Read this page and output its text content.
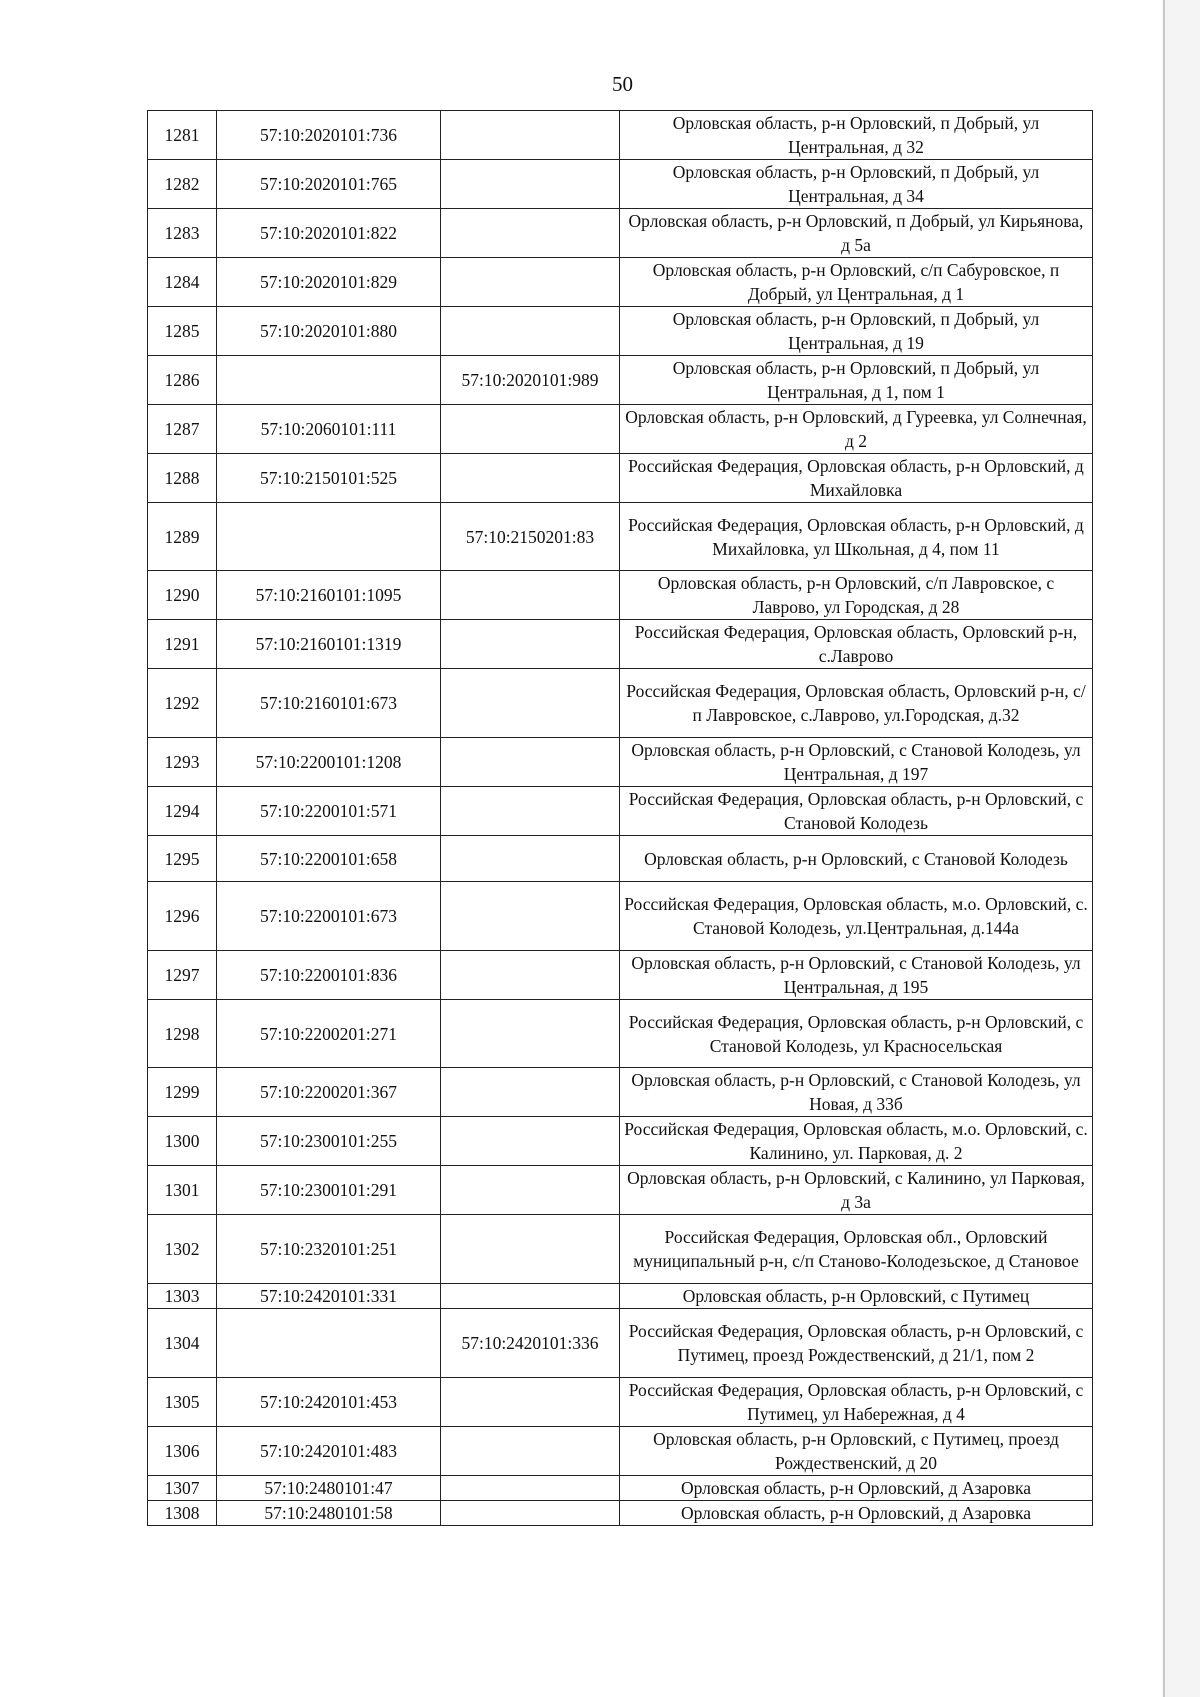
50
1281	57:10:2020101:736		Орловская область, р-н Орловский, п Добрый, ул Центральная, д 32
1282	57:10:2020101:765		Орловская область, р-н Орловский, п Добрый, ул Центральная, д 34
1283	57:10:2020101:822		Орловская область, р-н Орловский, п Добрый, ул Кирьянова, д 5а
1284	57:10:2020101:829		Орловская область, р-н Орловский, с/п Сабуровское, п Добрый, ул Центральная, д 1
1285	57:10:2020101:880		Орловская область, р-н Орловский, п Добрый, ул Центральная, д 19
1286		57:10:2020101:989	Орловская область, р-н Орловский, п Добрый, ул Центральная, д 1, пом 1
1287	57:10:2060101:111		Орловская область, р-н Орловский, д Гуреевка, ул Солнечная, д 2
1288	57:10:2150101:525		Российская Федерация, Орловская область, р-н Орловский, д Михайловка
1289		57:10:2150201:83	Российская Федерация, Орловская область, р-н Орловский, д Михайловка, ул Школьная, д 4, пом 11
1290	57:10:2160101:1095		Орловская область, р-н Орловский, с/п Лавровское, с Лаврово, ул Городская, д 28
1291	57:10:2160101:1319		Российская Федерация, Орловская область, Орловский р-н, с.Лаврово
1292	57:10:2160101:673		Российская Федерация, Орловская область, Орловский р-н, с/п Лавровское, с.Лаврово, ул.Городская, д.32
1293	57:10:2200101:1208		Орловская область, р-н Орловский, с Становой Колодезь, ул Центральная, д 197
1294	57:10:2200101:571		Российская Федерация, Орловская область, р-н Орловский, с Становой Колодезь
1295	57:10:2200101:658		Орловская область, р-н Орловский, с Становой Колодезь
1296	57:10:2200101:673		Российская Федерация, Орловская область, м.о. Орловский, с. Становой Колодезь, ул.Центральная, д.144а
1297	57:10:2200101:836		Орловская область, р-н Орловский, с Становой Колодезь, ул Центральная, д 195
1298	57:10:2200201:271		Российская Федерация, Орловская область, р-н Орловский, с Становой Колодезь, ул Красносельская
1299	57:10:2200201:367		Орловская область, р-н Орловский, с Становой Колодезь, ул Новая, д 33б
1300	57:10:2300101:255		Российская Федерация, Орловская область, м.о. Орловский, с. Калинино, ул. Парковая, д. 2
1301	57:10:2300101:291		Орловская область, р-н Орловский, с Калинино, ул Парковая, д 3а
1302	57:10:2320101:251		Российская Федерация, Орловская обл., Орловский муниципальный р-н, с/п Становo-Колодезьское, д Становое
1303	57:10:2420101:331		Орловская область, р-н Орловский, с Путимец
1304		57:10:2420101:336	Российская Федерация, Орловская область, р-н Орловский, с Путимец, проезд Рождественский, д 21/1, пом 2
1305	57:10:2420101:453		Российская Федерация, Орловская область, р-н Орловский, с Путимец, ул Набережная, д 4
1306	57:10:2420101:483		Орловская область, р-н Орловский, с Путимец, проезд Рождественский, д 20
1307	57:10:2480101:47		Орловская область, р-н Орловский, д Азаровка
1308	57:10:2480101:58		Орловская область, р-н Орловский, д Азаровка
